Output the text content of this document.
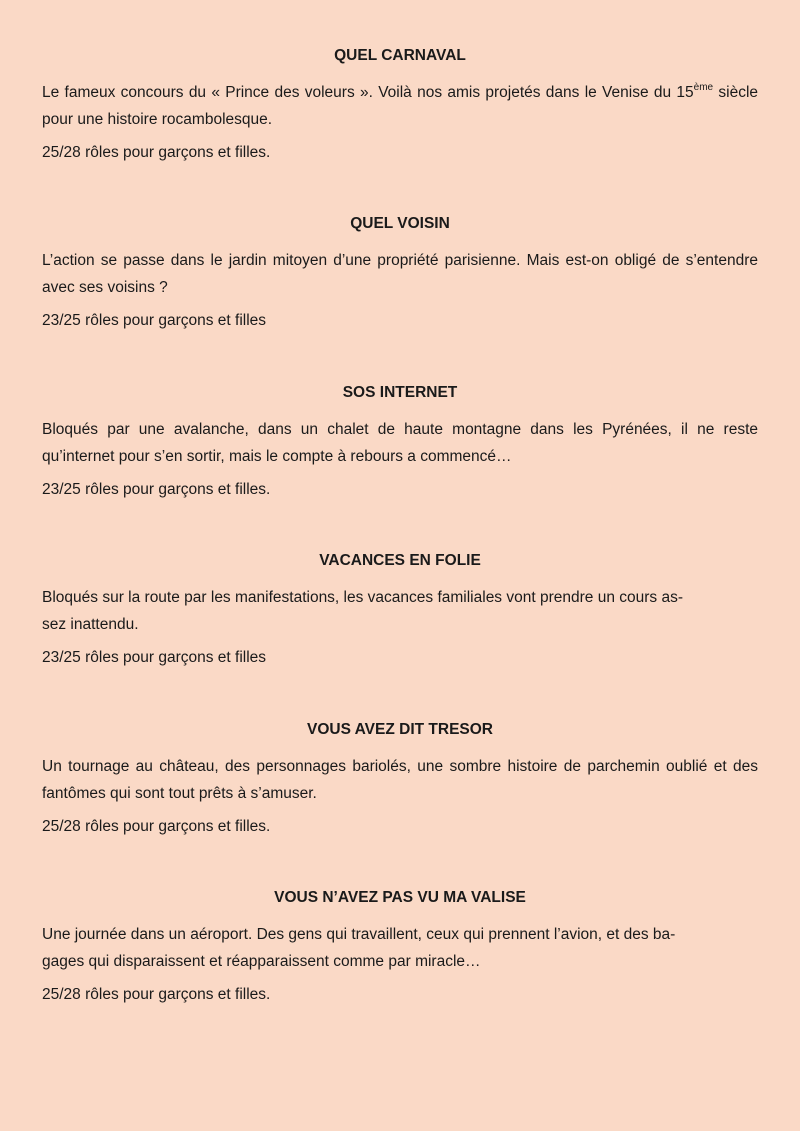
QUEL CARNAVAL

Le fameux concours du « Prince des voleurs ». Voilà nos amis projetés dans le Venise du 15ème siècle pour une histoire rocambolesque.

25/28 rôles pour garçons et filles.

QUEL VOISIN

L’action se passe dans le jardin mitoyen d’une propriété parisienne. Mais est-on obligé de s’entendre avec ses voisins ?

23/25 rôles pour garçons et filles

SOS INTERNET

Bloqués par une avalanche, dans un chalet de haute montagne dans les Pyrénées, il ne reste qu’internet pour s’en sortir, mais le compte à rebours a commencé…

23/25 rôles pour garçons et filles.

VACANCES EN FOLIE

Bloqués sur la route par les manifestations, les vacances familiales vont prendre un cours as-
sez inattendu.

23/25 rôles pour garçons et filles

VOUS AVEZ DIT TRESOR

Un tournage au château, des personnages bariolés, une sombre histoire de parchemin oublié et des fantômes qui sont tout prêts à s’amuser.

25/28 rôles pour garçons et filles.

VOUS N’AVEZ PAS VU MA VALISE

Une journée dans un aéroport. Des gens qui travaillent, ceux qui prennent l’avion, et des ba-
gages qui disparaissent et réapparaissent comme par miracle…

25/28 rôles pour garçons et filles.
